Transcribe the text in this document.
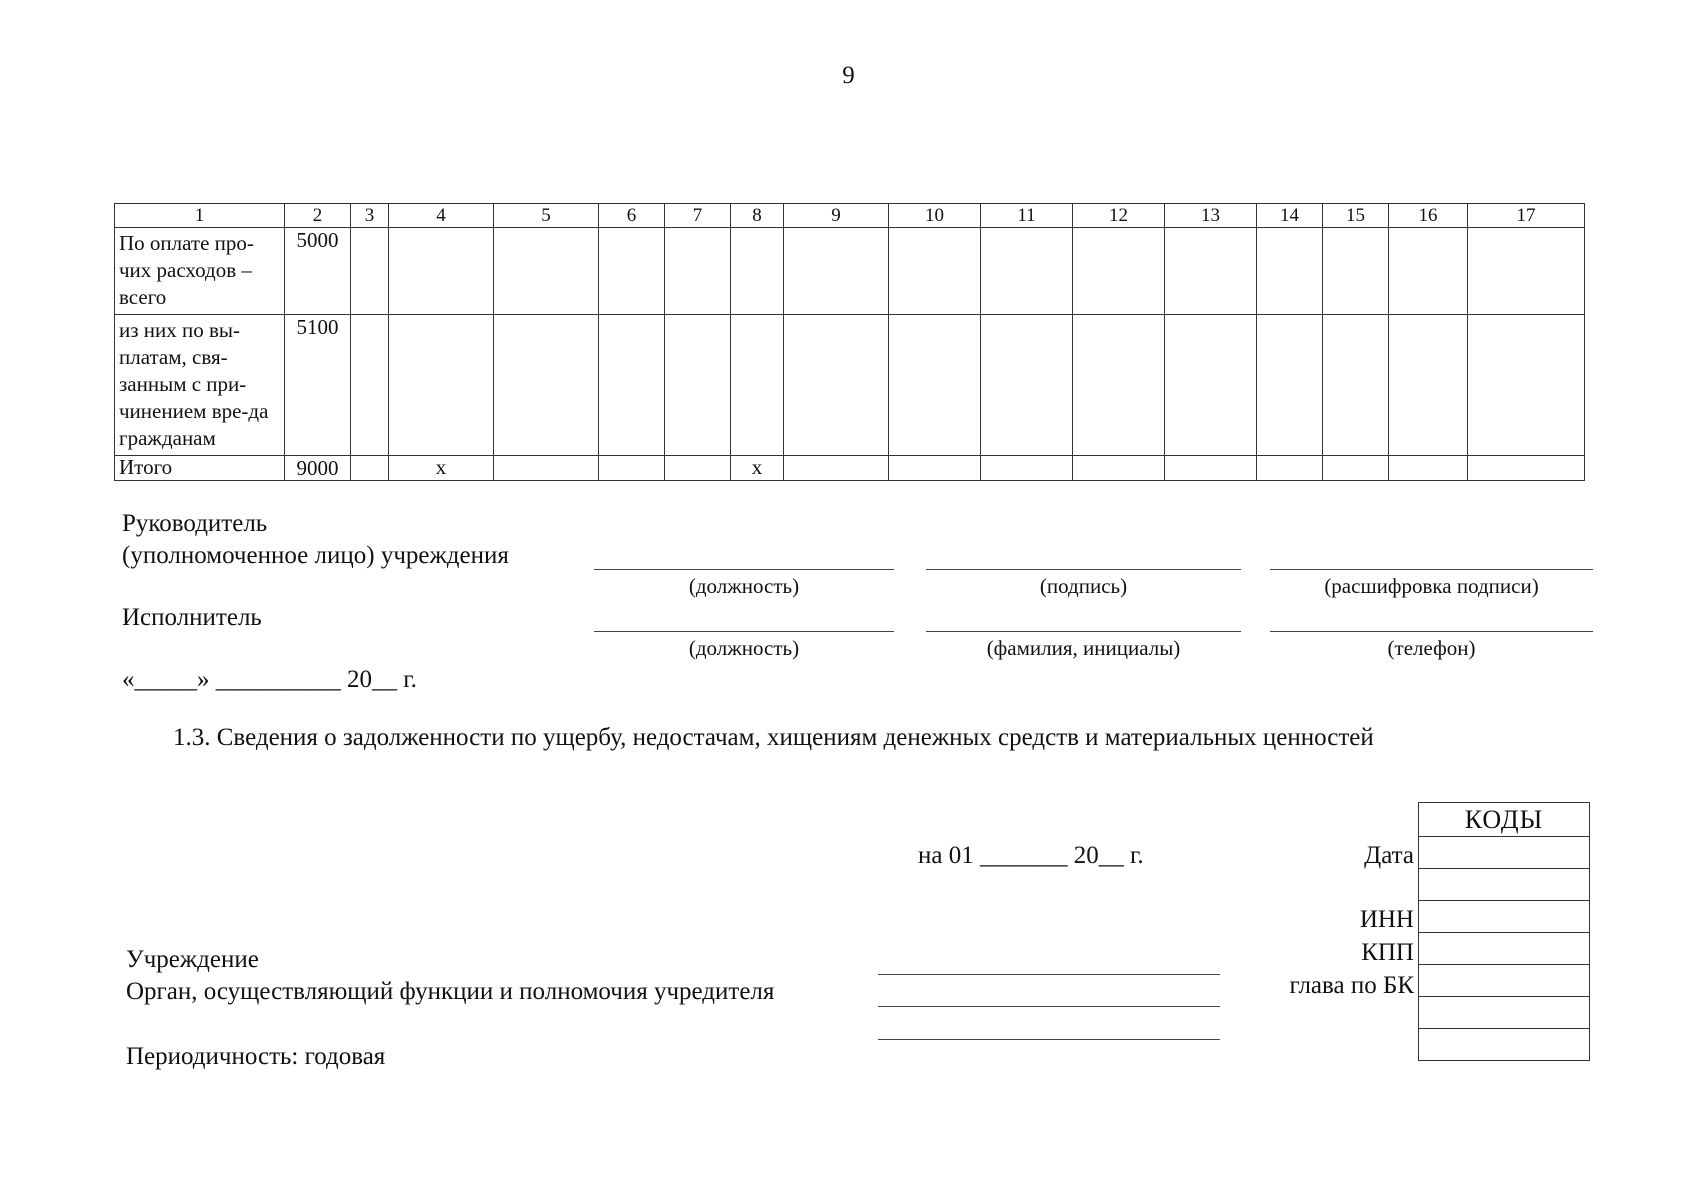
9
1	2	3	4	5	6	7	8	9	10	11	12	13	14	15	16	17
По оплате про-чих расходов – всего	5000															
из них по вы-платам, свя-занным с при-чинением вре-да гражданам	5100															
Итого	9000		x				x									
Руководитель
(уполномоченное лицо) учреждения
(должность)	(подпись)	(расшифровка подписи)
Исполнитель
(должность)	(фамилия, инициалы)	(телефон)
«_____» __________ 20__ г.
1.3. Сведения о задолженности по ущербу, недостачам, хищениям денежных средств и материальных ценностей
на 01 _______ 20__ г.
Учреждение
Орган, осуществляющий функции и полномочия учредителя
Периодичность: годовая
Дата
ИНН
КПП
глава по БК
КОДЫ
